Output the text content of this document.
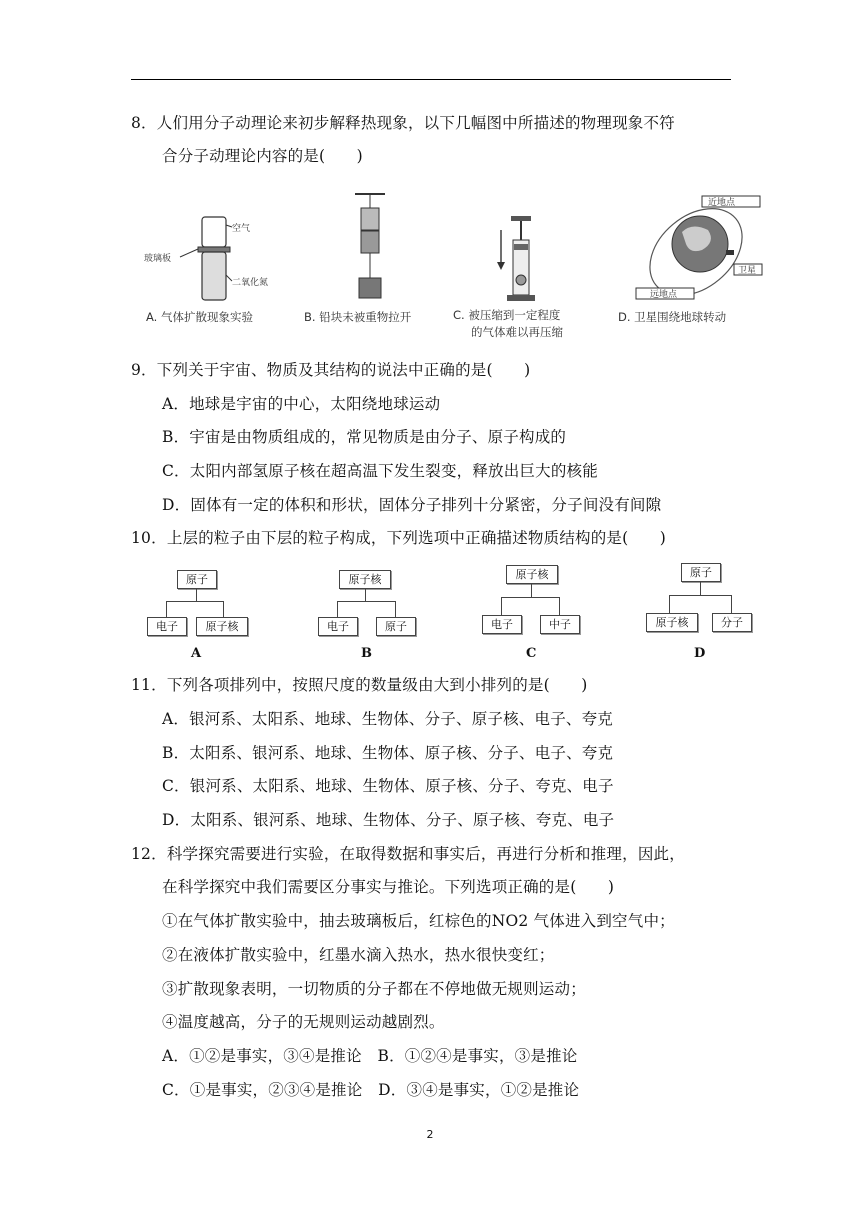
8．人们用分子动理论来初步解释热现象，以下几幅图中所描述的物理现象不符
合分子动理论内容的是(　　)
空气
玻璃板
二氧化氮
A. 气体扩散现象实验	B. 铅块未被重物拉开	C. 被压缩到一定程度
的气体难以再压缩
近地点
远地点
卫星
D. 卫星围绕地球转动
9．下列关于宇宙、物质及其结构的说法中正确的是(　　)
A．地球是宇宙的中心，太阳绕地球运动
B．宇宙是由物质组成的，常见物质是由分子、原子构成的
C．太阳内部氢原子核在超高温下发生裂变，释放出巨大的核能
D．固体有一定的体积和形状，固体分子排列十分紧密，分子间没有间隙
10．上层的粒子由下层的粒子构成，下列选项中正确描述物质结构的是(　　)
原子
电子	原子核
A
原子核
电子	原子
B
原子核
电子	中子
C
原子
原子核	分子
D
11．下列各项排列中，按照尺度的数量级由大到小排列的是(　　)
A．银河系、太阳系、地球、生物体、分子、原子核、电子、夸克
B．太阳系、银河系、地球、生物体、原子核、分子、电子、夸克
C．银河系、太阳系、地球、生物体、原子核、分子、夸克、电子
D．太阳系、银河系、地球、生物体、分子、原子核、夸克、电子
12．科学探究需要进行实验，在取得数据和事实后，再进行分析和推理，因此，
在科学探究中我们需要区分事实与推论。下列选项正确的是(　　)
①在气体扩散实验中，抽去玻璃板后，红棕色的NO2 气体进入到空气中；
②在液体扩散实验中，红墨水滴入热水，热水很快变红；
③扩散现象表明，一切物质的分子都在不停地做无规则运动；
④温度越高，分子的无规则运动越剧烈。
A．①②是事实，③④是推论　B．①②④是事实，③是推论
C．①是事实，②③④是推论　D．③④是事实，①②是推论
2
